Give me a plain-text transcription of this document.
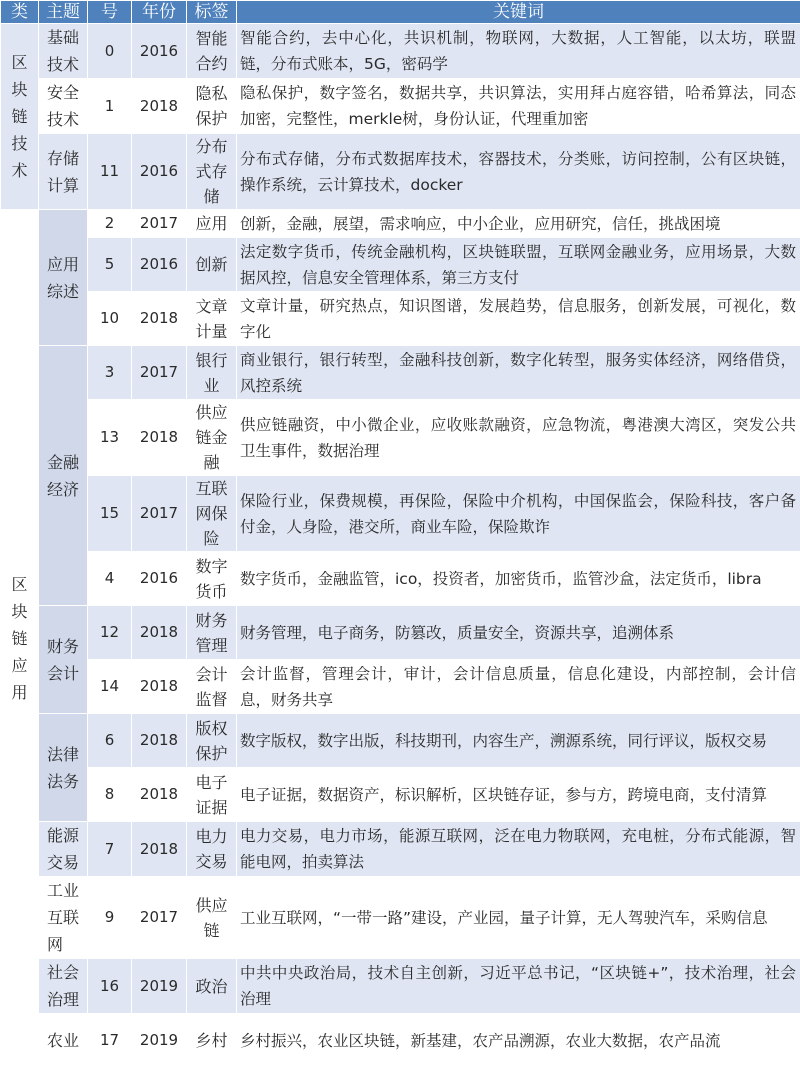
类	主题	号	年份	标签	关键词

区块链技术	基础技术	0	2016	智能合约	智能合约，去中心化，共识机制，物联网，大数据，人工智能，以太坊，联盟链，分布式账本，5G，密码学
	安全技术	1	2018	隐私保护	隐私保护，数字签名，数据共享，共识算法，实用拜占庭容错，哈希算法，同态加密，完整性，merkle树，身份认证，代理重加密
	存储计算	11	2016	分布式存储	分布式存储，分布式数据库技术，容器技术，分类账，访问控制，公有区块链，操作系统，云计算技术，docker

区块链应用	应用综述	2	2017	应用	创新，金融，展望，需求响应，中小企业，应用研究，信任，挑战困境
		5	2016	创新	法定数字货币，传统金融机构，区块链联盟，互联网金融业务，应用场景，大数据风控，信息安全管理体系，第三方支付
		10	2018	文章计量	文章计量，研究热点，知识图谱，发展趋势，信息服务，创新发展，可视化，数字化
	金融经济	3	2017	银行业	商业银行，银行转型，金融科技创新，数字化转型，服务实体经济，网络借贷，风控系统
		13	2018	供应链金融	供应链融资，中小微企业，应收账款融资，应急物流，粤港澳大湾区，突发公共卫生事件，数据治理
		15	2017	互联网保险	保险行业，保费规模，再保险，保险中介机构，中国保监会，保险科技，客户备付金，人身险，港交所，商业车险，保险欺诈
		4	2016	数字货币	数字货币，金融监管，ico，投资者，加密货币，监管沙盒，法定货币，libra
	财务会计	12	2018	财务管理	财务管理，电子商务，防篡改，质量安全，资源共享，追溯体系
		14	2018	会计监督	会计监督，管理会计，审计，会计信息质量，信息化建设，内部控制，会计信息，财务共享
	法律法务	6	2018	版权保护	数字版权，数字出版，科技期刊，内容生产，溯源系统，同行评议，版权交易
		8	2018	电子证据	电子证据，数据资产，标识解析，区块链存证，参与方，跨境电商，支付清算
	能源交易	7	2018	电力交易	电力交易，电力市场，能源互联网，泛在电力物联网，充电桩，分布式能源，智能电网，拍卖算法
	工业互联网	9	2017	供应链	工业互联网，“一带一路”建设，产业园，量子计算，无人驾驶汽车，采购信息
	社会治理	16	2019	政治	中共中央政治局，技术自主创新，习近平总书记，“区块链+”，技术治理，社会治理
	农业	17	2019	乡村	乡村振兴，农业区块链，新基建，农产品溯源，农业大数据，农产品流
